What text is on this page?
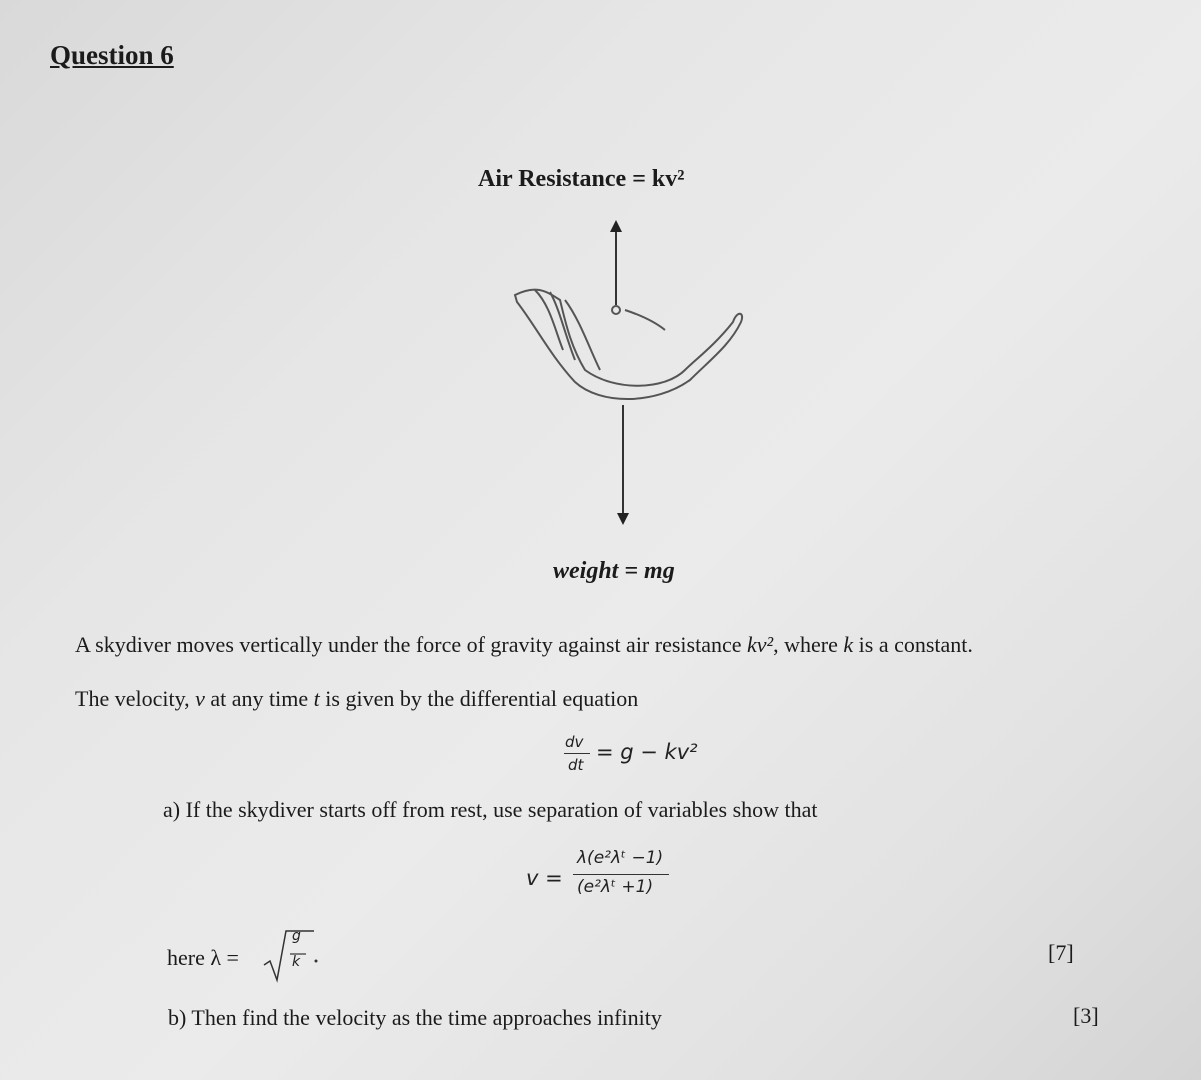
Question 6
Air Resistance = kv²
weight = mg
A skydiver moves vertically under the force of gravity against air resistance kv², where k is a constant.
The velocity, v at any time t is given by the differential equation
dv
dt
= g − kv²
a) If the skydiver starts off from rest, use separation of variables show that
v =
λ(e²λᵗ −1)
(e²λᵗ +1)
here λ =
g
k	[7]
b) Then find the velocity as the time approaches infinity	[3]
